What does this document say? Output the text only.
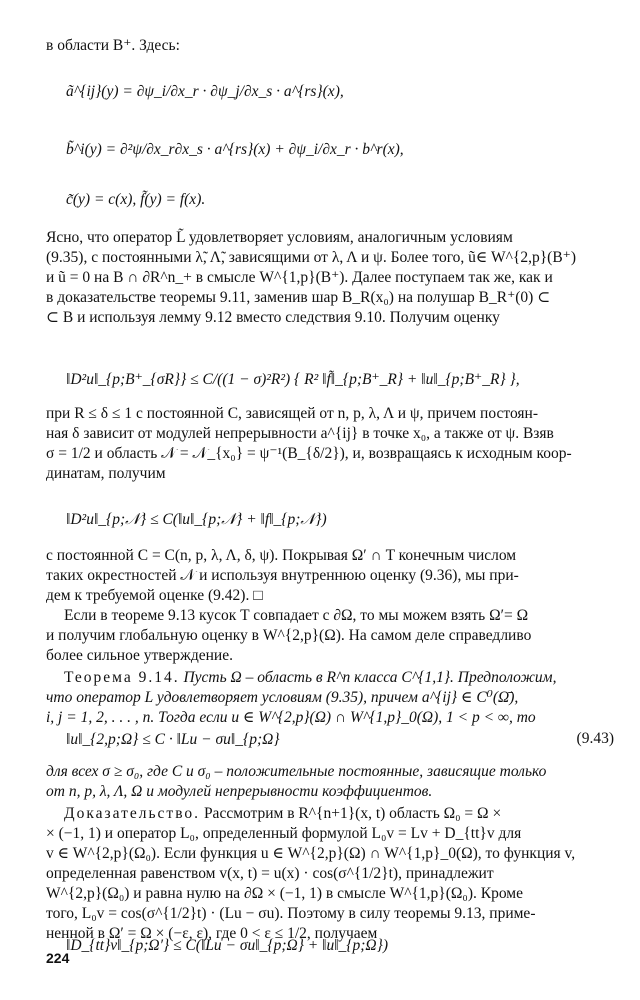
в области B⁺. Здесь:

ã^{ij}(y) = ∂ψ_i/∂x_r · ∂ψ_j/∂x_s · a^{rs}(x),
b̃^i(y) = ∂²ψ/∂x_r∂x_s · a^{rs}(x) + ∂ψ_i/∂x_r · b^r(x),
c̃(y) = c(x), f̃(y) = f(x).
Ясно, что оператор L̃ удовлетворяет условиям, аналогичным условиям
(9.35), с постоянными λ̃, Λ̃, зависящими от λ, Λ и ψ. Более того, ũ∈ W^{2,p}(B⁺)
и ũ = 0 на B ∩ ∂R^n_+ в смысле W^{1,p}(B⁺). Далее поступаем так же, как и
в доказательстве теоремы 9.11, заменив шар B_R(x₀) на полушар B_R⁺(0) ⊂
⊂ B и используя лемму 9.12 вместо следствия 9.10. Получим оценку
‖D²u‖_{p;B⁺_{σR}} ≤ C/((1 − σ)²R²) { R² ‖f̃‖_{p;B⁺_R} + ‖u‖_{p;B⁺_R} },
при R ≤ δ ≤ 1 с постоянной C, зависящей от n, p, λ, Λ и ψ, причем постоян-
ная δ зависит от модулей непрерывности a^{ij} в точке x₀, а также от ψ. Взяв
σ = 1/2 и область 𝒩 = 𝒩_{x₀} = ψ⁻¹(B_{δ/2}), и, возвращаясь к исходным коор-
динатам, получим
‖D²u‖_{p;𝒩} ≤ C(‖u‖_{p;𝒩} + ‖f‖_{p;𝒩})
с постоянной C = C(n, p, λ, Λ, δ, ψ). Покрывая Ω′ ∩ T конечным числом
таких окрестностей 𝒩 и используя внутреннюю оценку (9.36), мы при-
дем к требуемой оценке (9.42). □
Если в теореме 9.13 кусок T совпадает с ∂Ω, то мы можем взять Ω′= Ω
и получим глобальную оценку в W^{2,p}(Ω). На самом деле справедливо
более сильное утверждение.
Теорема 9.14. Пусть Ω – область в R^n класса C^{1,1}. Предположим,
что оператор L удовлетворяет условиям (9.35), причем a^{ij} ∈ C⁰(Ω̄),
i, j = 1, 2, . . . , n. Тогда если u ∈ W^{2,p}(Ω) ∩ W^{1,p}_0(Ω), 1 < p < ∞, то
‖u‖_{2,p;Ω} ≤ C · ‖Lu − σu‖_{p;Ω}	(9.43)
для всех σ ≥ σ₀, где C и σ₀ – положительные постоянные, зависящие только
от n, p, λ, Λ, Ω и модулей непрерывности коэффициентов.
Доказательство. Рассмотрим в R^{n+1}(x, t) область Ω₀ = Ω ×
× (−1, 1) и оператор L₀, определенный формулой L₀v = Lv + D_{tt}v для
v ∈ W^{2,p}(Ω₀). Если функция u ∈ W^{2,p}(Ω) ∩ W^{1,p}_0(Ω), то функция v,
определенная равенством v(x, t) = u(x) · cos(σ^{1/2}t), принадлежит
W^{2,p}(Ω₀) и равна нулю на ∂Ω × (−1, 1) в смысле W^{1,p}(Ω₀). Кроме
того, L₀v = cos(σ^{1/2}t) · (Lu − σu). Поэтому в силу теоремы 9.13, приме-
ненной в Ω′ = Ω × (−ε, ε), где 0 < ε ≤ 1/2, получаем
‖D_{tt}v‖_{p;Ω′} ≤ C(‖Lu − σu‖_{p;Ω} + ‖u‖_{p;Ω})
224
